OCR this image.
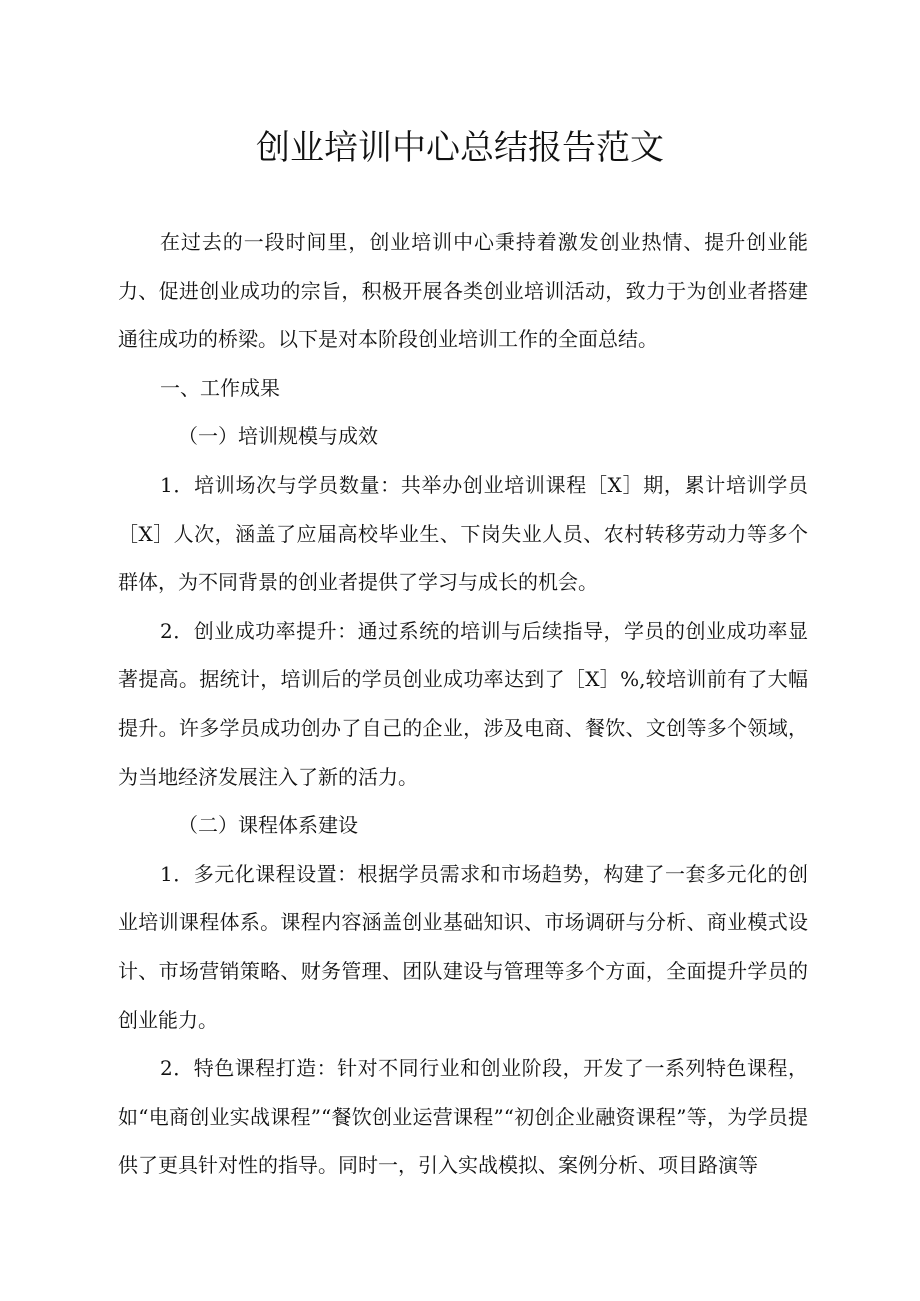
创业培训中心总结报告范文

在过去的一段时间里，创业培训中心秉持着激发创业热情、提升创业能力、促进创业成功的宗旨，积极开展各类创业培训活动，致力于为创业者搭建通往成功的桥梁。以下是对本阶段创业培训工作的全面总结。

一、工作成果

（一）培训规模与成效

1．培训场次与学员数量：共举办创业培训课程［X］期，累计培训学员［X］人次，涵盖了应届高校毕业生、下岗失业人员、农村转移劳动力等多个群体，为不同背景的创业者提供了学习与成长的机会。

2．创业成功率提升：通过系统的培训与后续指导，学员的创业成功率显著提高。据统计，培训后的学员创业成功率达到了［X］%,较培训前有了大幅提升。许多学员成功创办了自己的企业，涉及电商、餐饮、文创等多个领域，为当地经济发展注入了新的活力。

（二）课程体系建设

1．多元化课程设置：根据学员需求和市场趋势，构建了一套多元化的创业培训课程体系。课程内容涵盖创业基础知识、市场调研与分析、商业模式设计、市场营销策略、财务管理、团队建设与管理等多个方面，全面提升学员的创业能力。

2．特色课程打造：针对不同行业和创业阶段，开发了一系列特色课程，如“电商创业实战课程”“餐饮创业运营课程”“初创企业融资课程”等，为学员提供了更具针对性的指导。同时一，引入实战模拟、案例分析、项目路演等
